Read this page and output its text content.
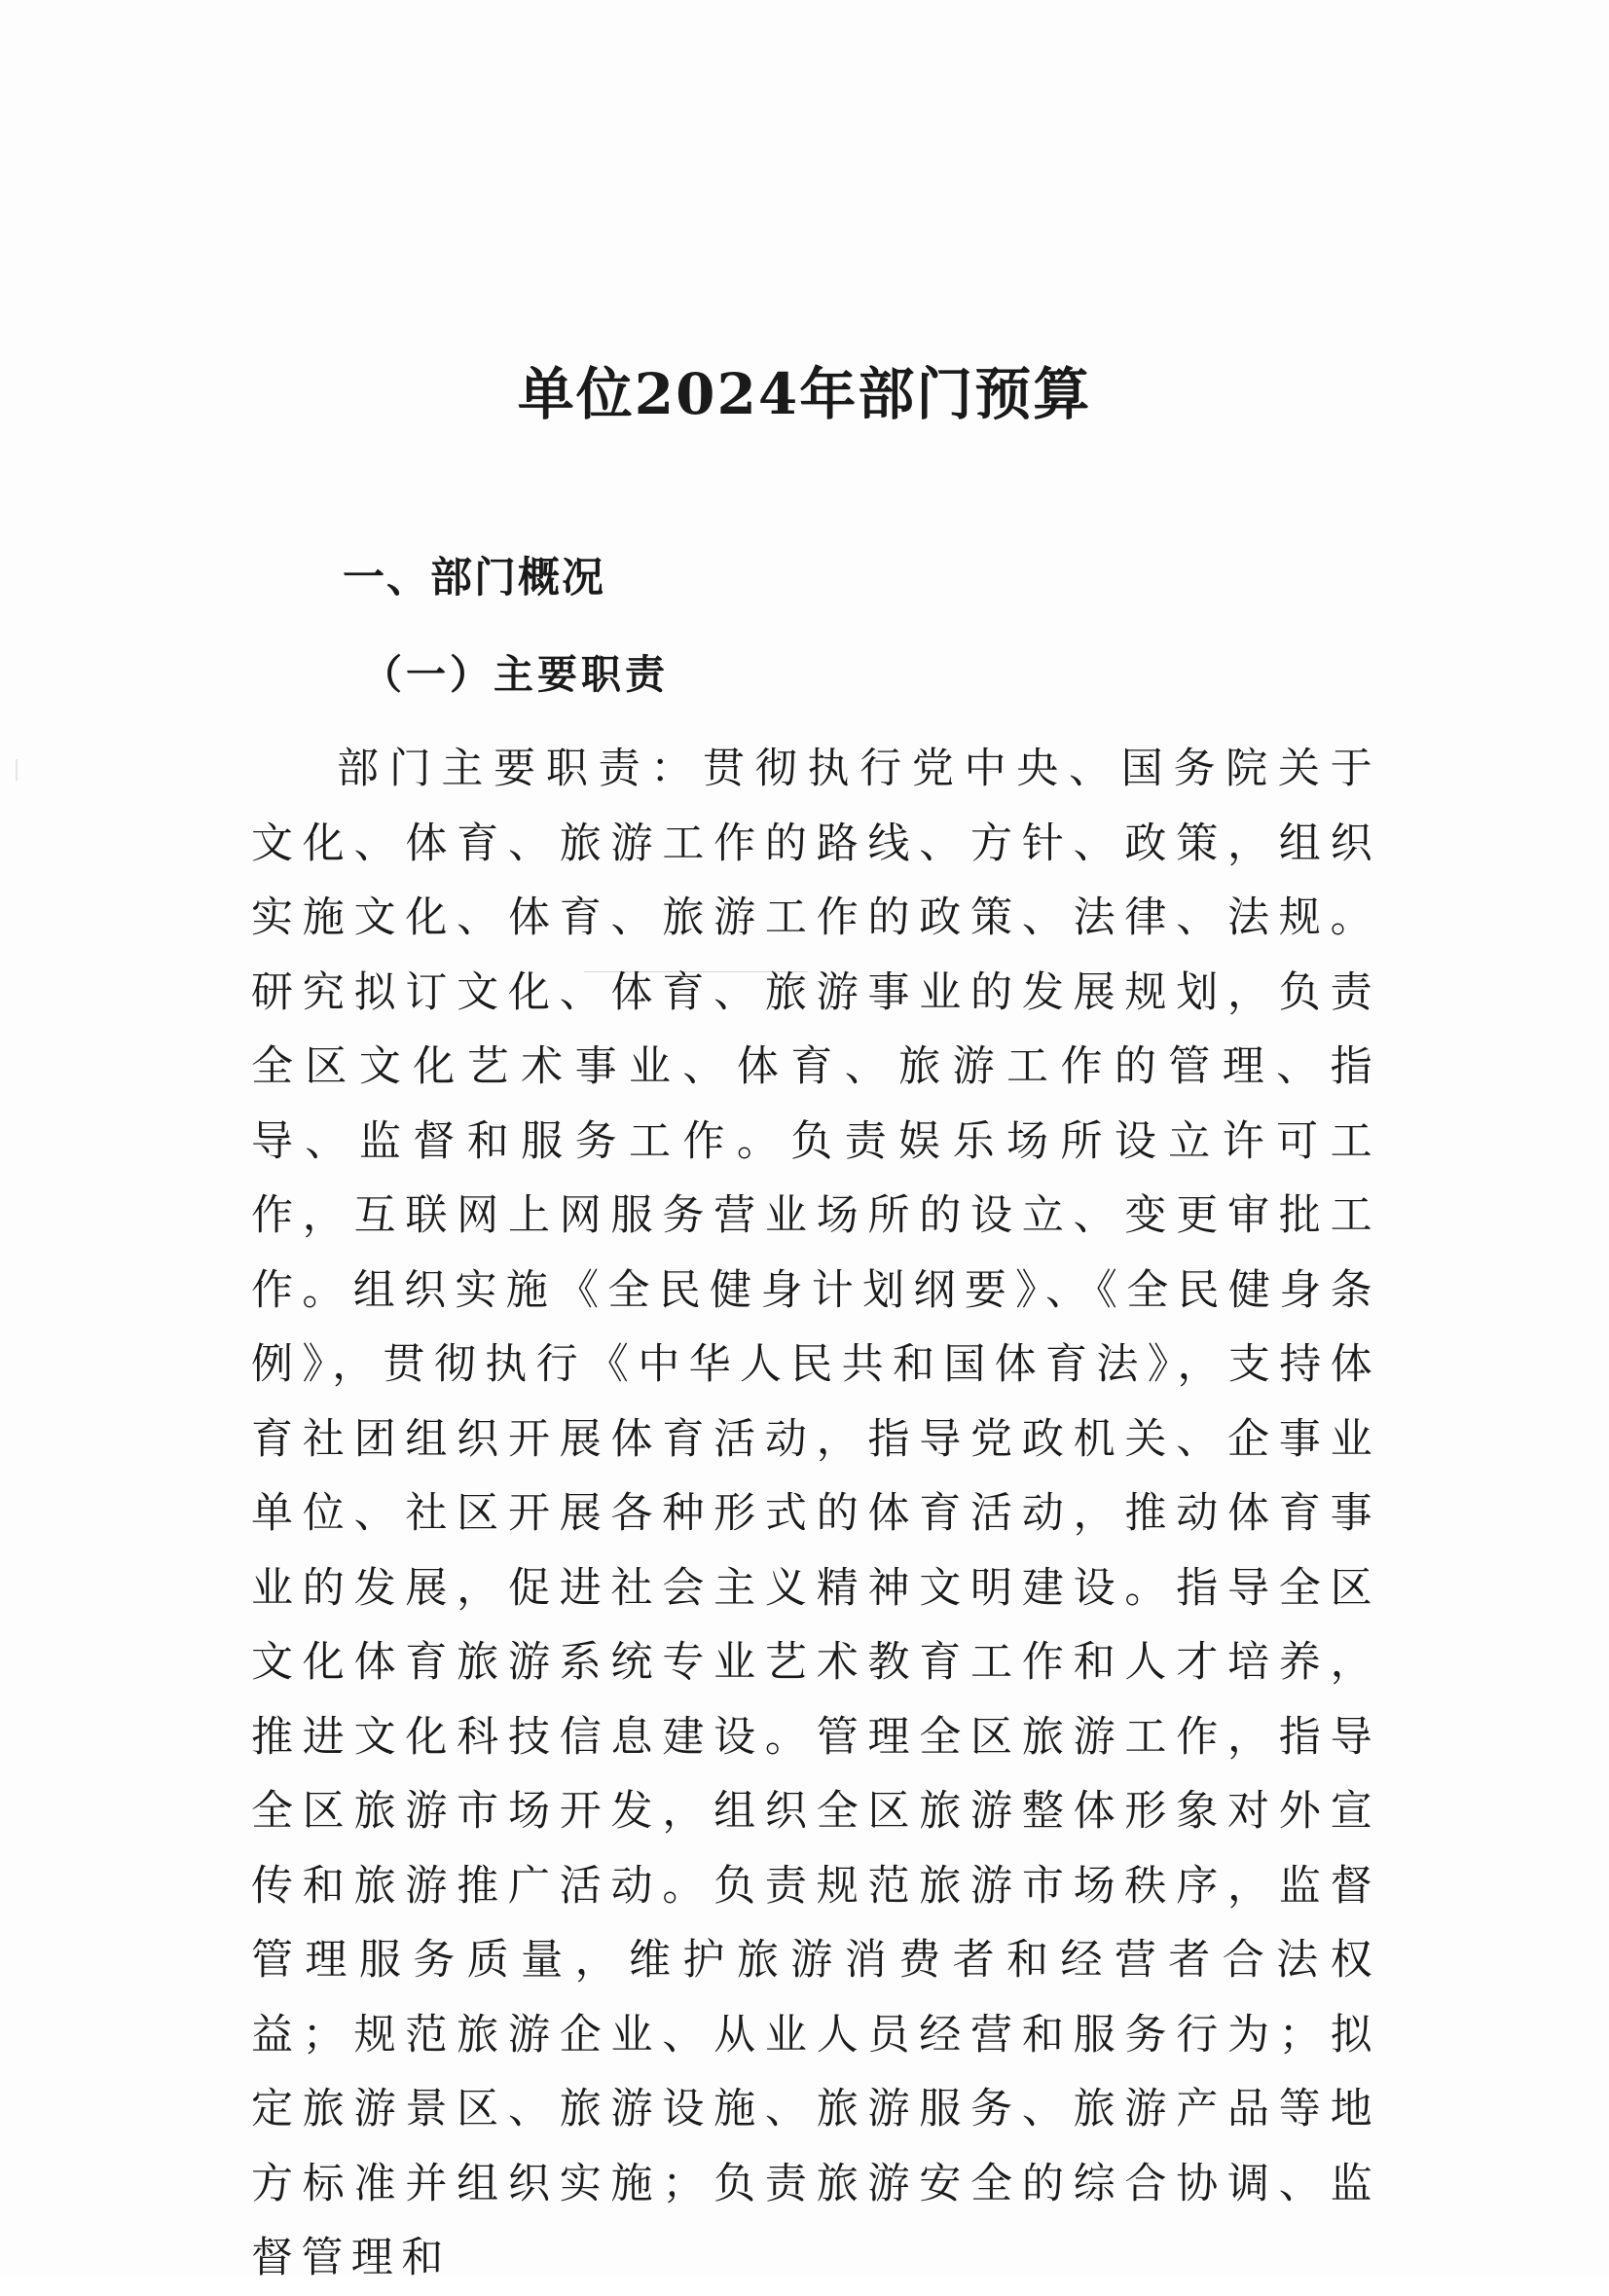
单位2024年部门预算
一、部门概况
（一）主要职责

部门主要职责：贯彻执行党中央、国务院关于文化、体育、旅游工作的路线、方针、政策，组织实施文化、体育、旅游工作的政策、法律、法规。研究拟订文化、体育、旅游事业的发展规划，负责全区文化艺术事业、体育、旅游工作的管理、指导、监督和服务工作。负责娱乐场所设立许可工作，互联网上网服务营业场所的设立、变更审批工作。组织实施《全民健身计划纲要》、《全民健身条例》，贯彻执行《中华人民共和国体育法》，支持体育社团组织开展体育活动，指导党政机关、企事业单位、社区开展各种形式的体育活动，推动体育事业的发展，促进社会主义精神文明建设。指导全区文化体育旅游系统专业艺术教育工作和人才培养，推进文化科技信息建设。管理全区旅游工作，指导全区旅游市场开发，组织全区旅游整体形象对外宣传和旅游推广活动。负责规范旅游市场秩序，监督管理服务质量，维护旅游消费者和经营者合法权益；规范旅游企业、从业人员经营和服务行为；拟定旅游景区、旅游设施、旅游服务、旅游产品等地方标准并组织实施；负责旅游安全的综合协调、监督管理和
